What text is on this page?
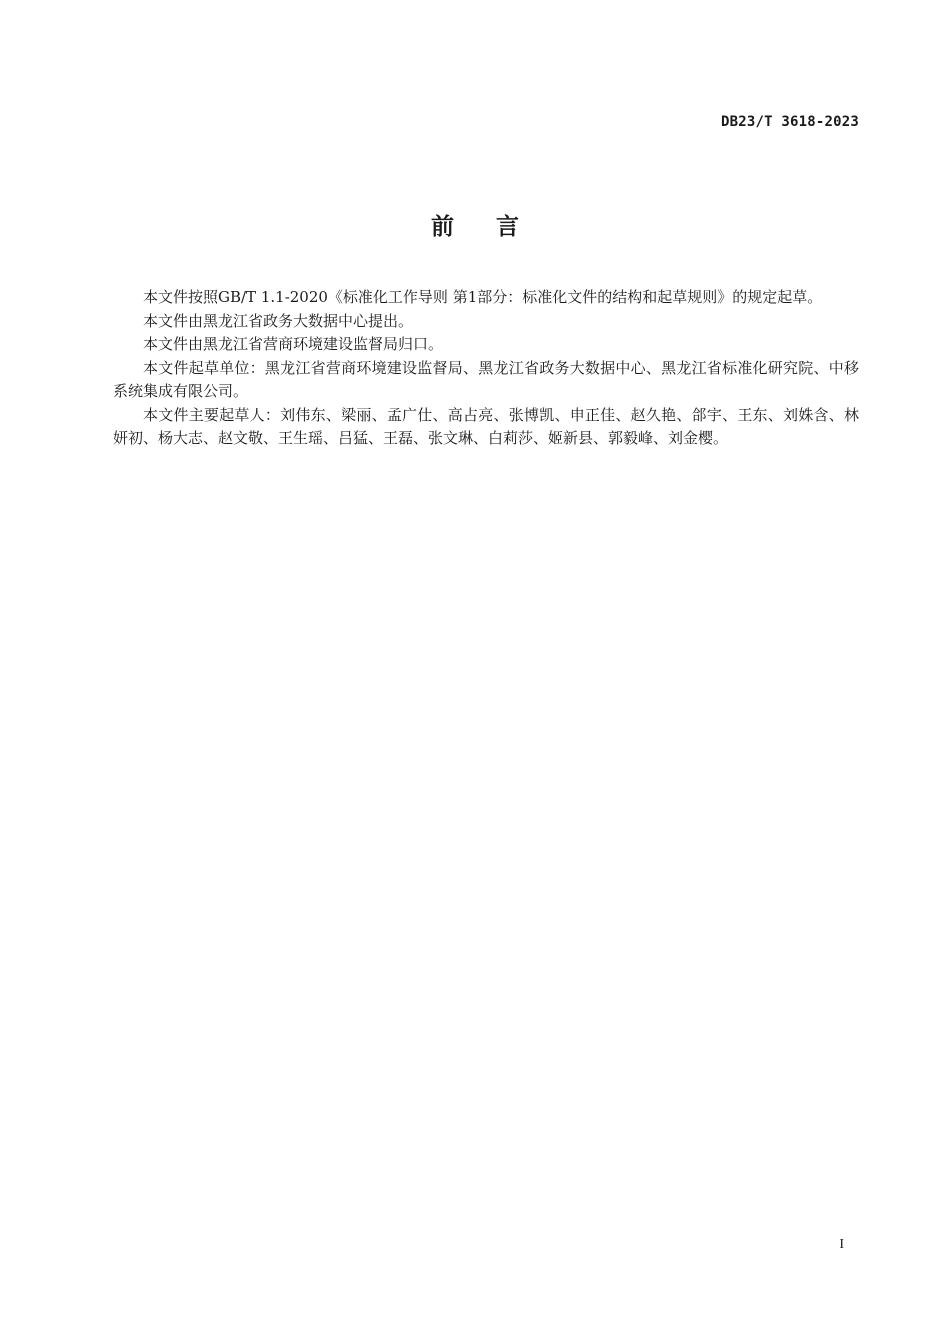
DB23/T 3618-2023
前 言

本文件按照GB/T 1.1-2020《标准化工作导则 第1部分：标准化文件的结构和起草规则》的规定起草。

本文件由黑龙江省政务大数据中心提出。

本文件由黑龙江省营商环境建设监督局归口。

本文件起草单位：黑龙江省营商环境建设监督局、黑龙江省政务大数据中心、黑龙江省标准化研究院、中移系统集成有限公司。

本文件主要起草人：刘伟东、梁丽、孟广仕、高占亮、张博凯、申正佳、赵久艳、郃宇、王东、刘姝含、林妍初、杨大志、赵文敬、王生瑶、吕猛、王磊、张文琳、白莉莎、姬新县、郭毅峰、刘金樱。

I
